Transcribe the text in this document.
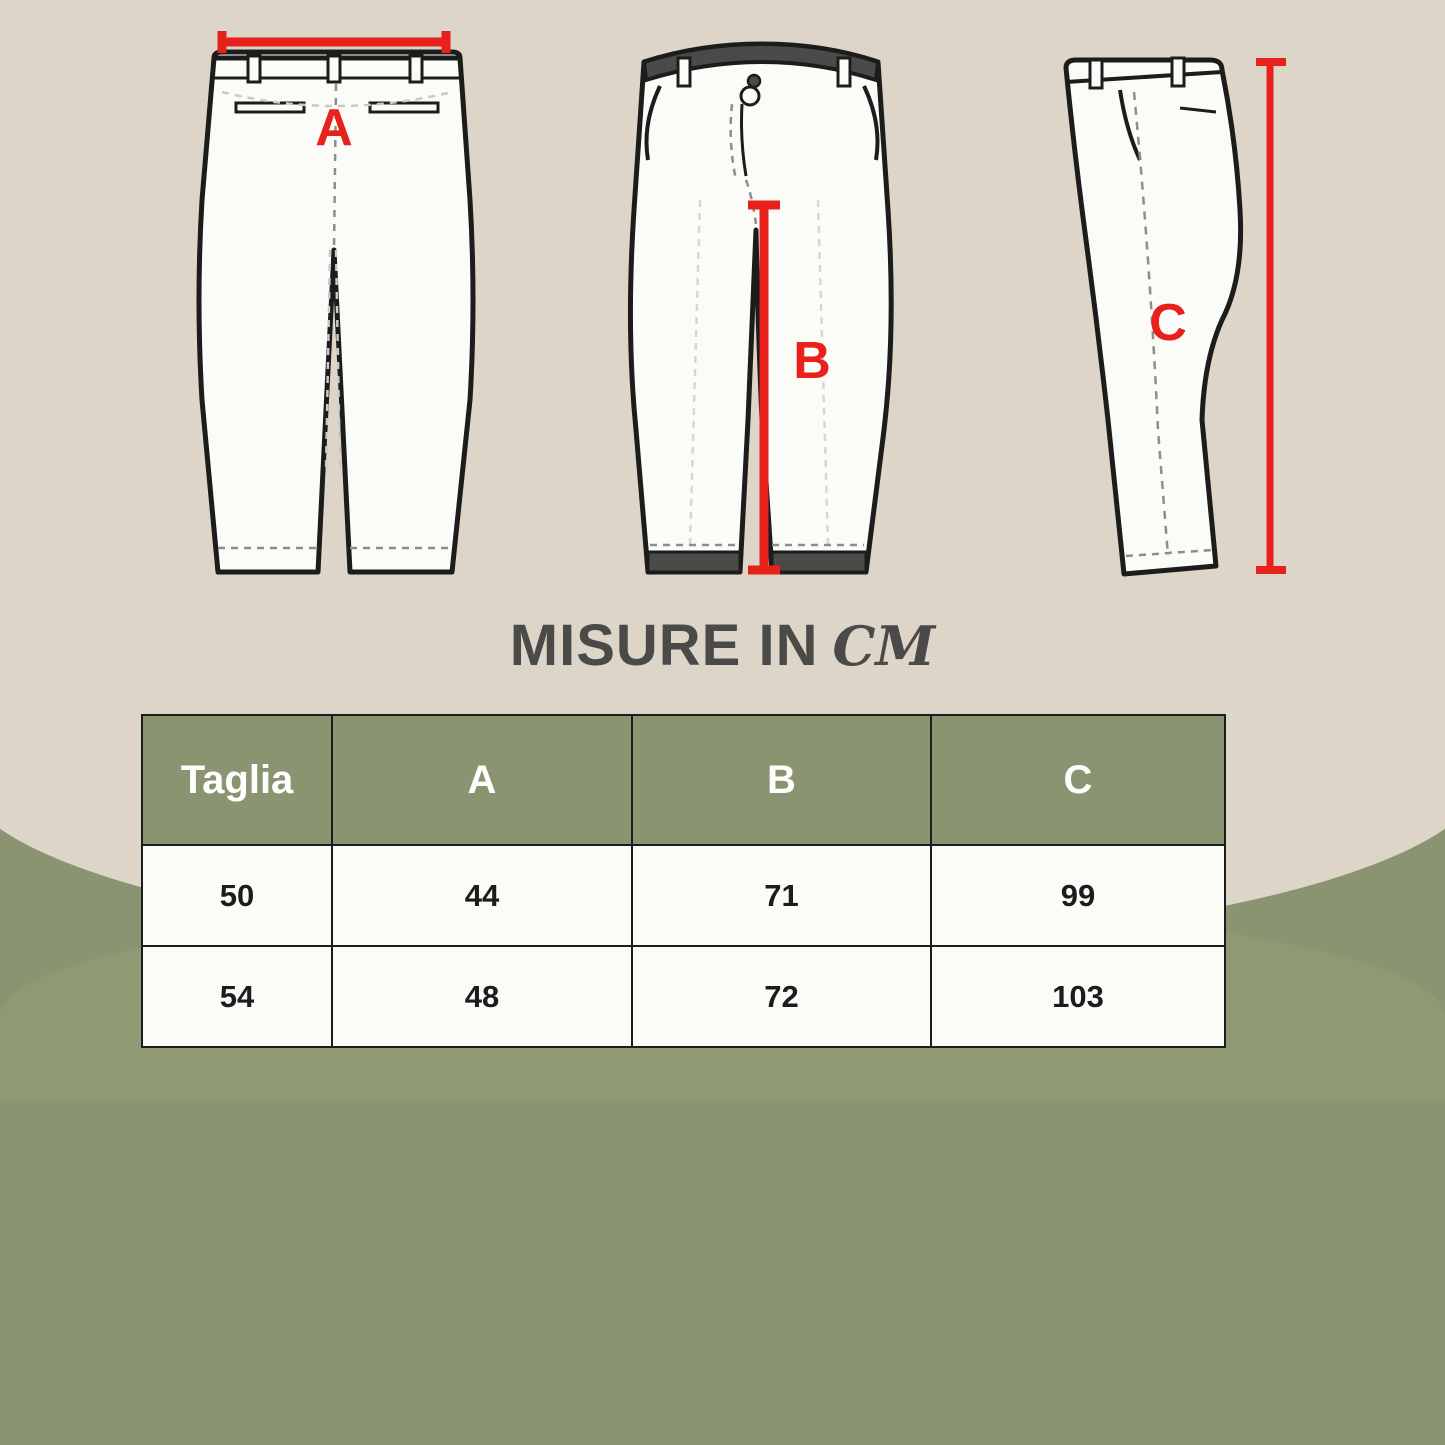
A
B
C
MISURE IN CM
Taglia	A	B	C
50	44	71	99
54	48	72	103
